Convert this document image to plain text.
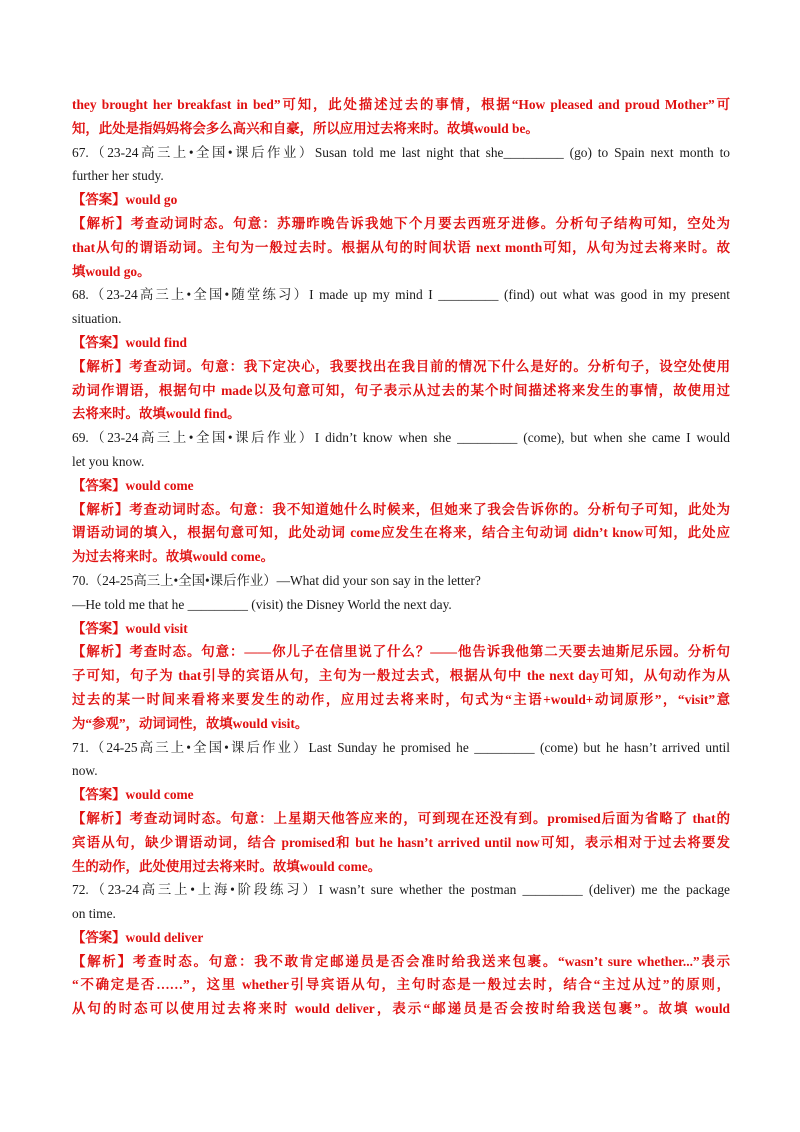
they brought her breakfast in bed”可知，此处描述过去的事情，根据“How pleased and proud Mother”可
知，此处是指妈妈将会多么高兴和自豪，所以应用过去将来时。故填would be。
67.（23-24高三上•全国•课后作业）Susan told me last night that she_________ (go) to Spain next month to
further her study.
【答案】would go
【解析】考查动词时态。句意：苏珊昨晚告诉我她下个月要去西班牙进修。分析句子结构可知，空处为
that从句的谓语动词。主句为一般过去时。根据从句的时间状语 next month可知，从句为过去将来时。故
填would go。
68.（23-24高三上•全国•随堂练习）I made up my mind I _________ (find) out what was good in my present
situation.
【答案】would find
【解析】考查动词。句意：我下定决心，我要找出在我目前的情况下什么是好的。分析句子，设空处使用
动词作谓语，根据句中 made以及句意可知，句子表示从过去的某个时间描述将来发生的事情，故使用过
去将来时。故填would find。
69.（23-24高三上•全国•课后作业）I didn’t know when she _________ (come), but when she came I would
let you know.
【答案】would come
【解析】考查动词时态。句意：我不知道她什么时候来，但她来了我会告诉你的。分析句子可知，此处为
谓语动词的填入，根据句意可知，此处动词 come应发生在将来，结合主句动词 didn’t know可知，此处应
为过去将来时。故填would come。
70.（24-25高三上•全国•课后作业）—What did your son say in the letter?
—He told me that he _________ (visit) the Disney World the next day.
【答案】would visit
【解析】考查时态。句意：——你儿子在信里说了什么？——他告诉我他第二天要去迪斯尼乐园。分析句
子可知，句子为 that引导的宾语从句，主句为一般过去式，根据从句中 the next day可知，从句动作为从
过去的某一时间来看将来要发生的动作，应用过去将来时，句式为“主语+would+动词原形”，“visit”意
为“参观”，动词词性，故填would visit。
71.（24-25高三上•全国•课后作业）Last Sunday he promised he _________ (come) but he hasn’t arrived until
now.
【答案】would come
【解析】考查动词时态。句意：上星期天他答应来的，可到现在还没有到。promised后面为省略了 that的
宾语从句，缺少谓语动词，结合 promised和 but he hasn’t arrived until now可知，表示相对于过去将要发
生的动作，此处使用过去将来时。故填would come。
72.（23-24高三上•上海•阶段练习）I wasn’t sure whether the postman _________ (deliver) me the package
on time.
【答案】would deliver
【解析】考查时态。句意：我不敢肯定邮递员是否会准时给我送来包裹。“wasn’t sure whether...”表示
“不确定是否……”，这里 whether引导宾语从句，主句时态是一般过去时，结合“主过从过”的原则，
从句的时态可以使用过去将来时 would deliver，表示“邮递员是否会按时给我送包裹”。故填 would
